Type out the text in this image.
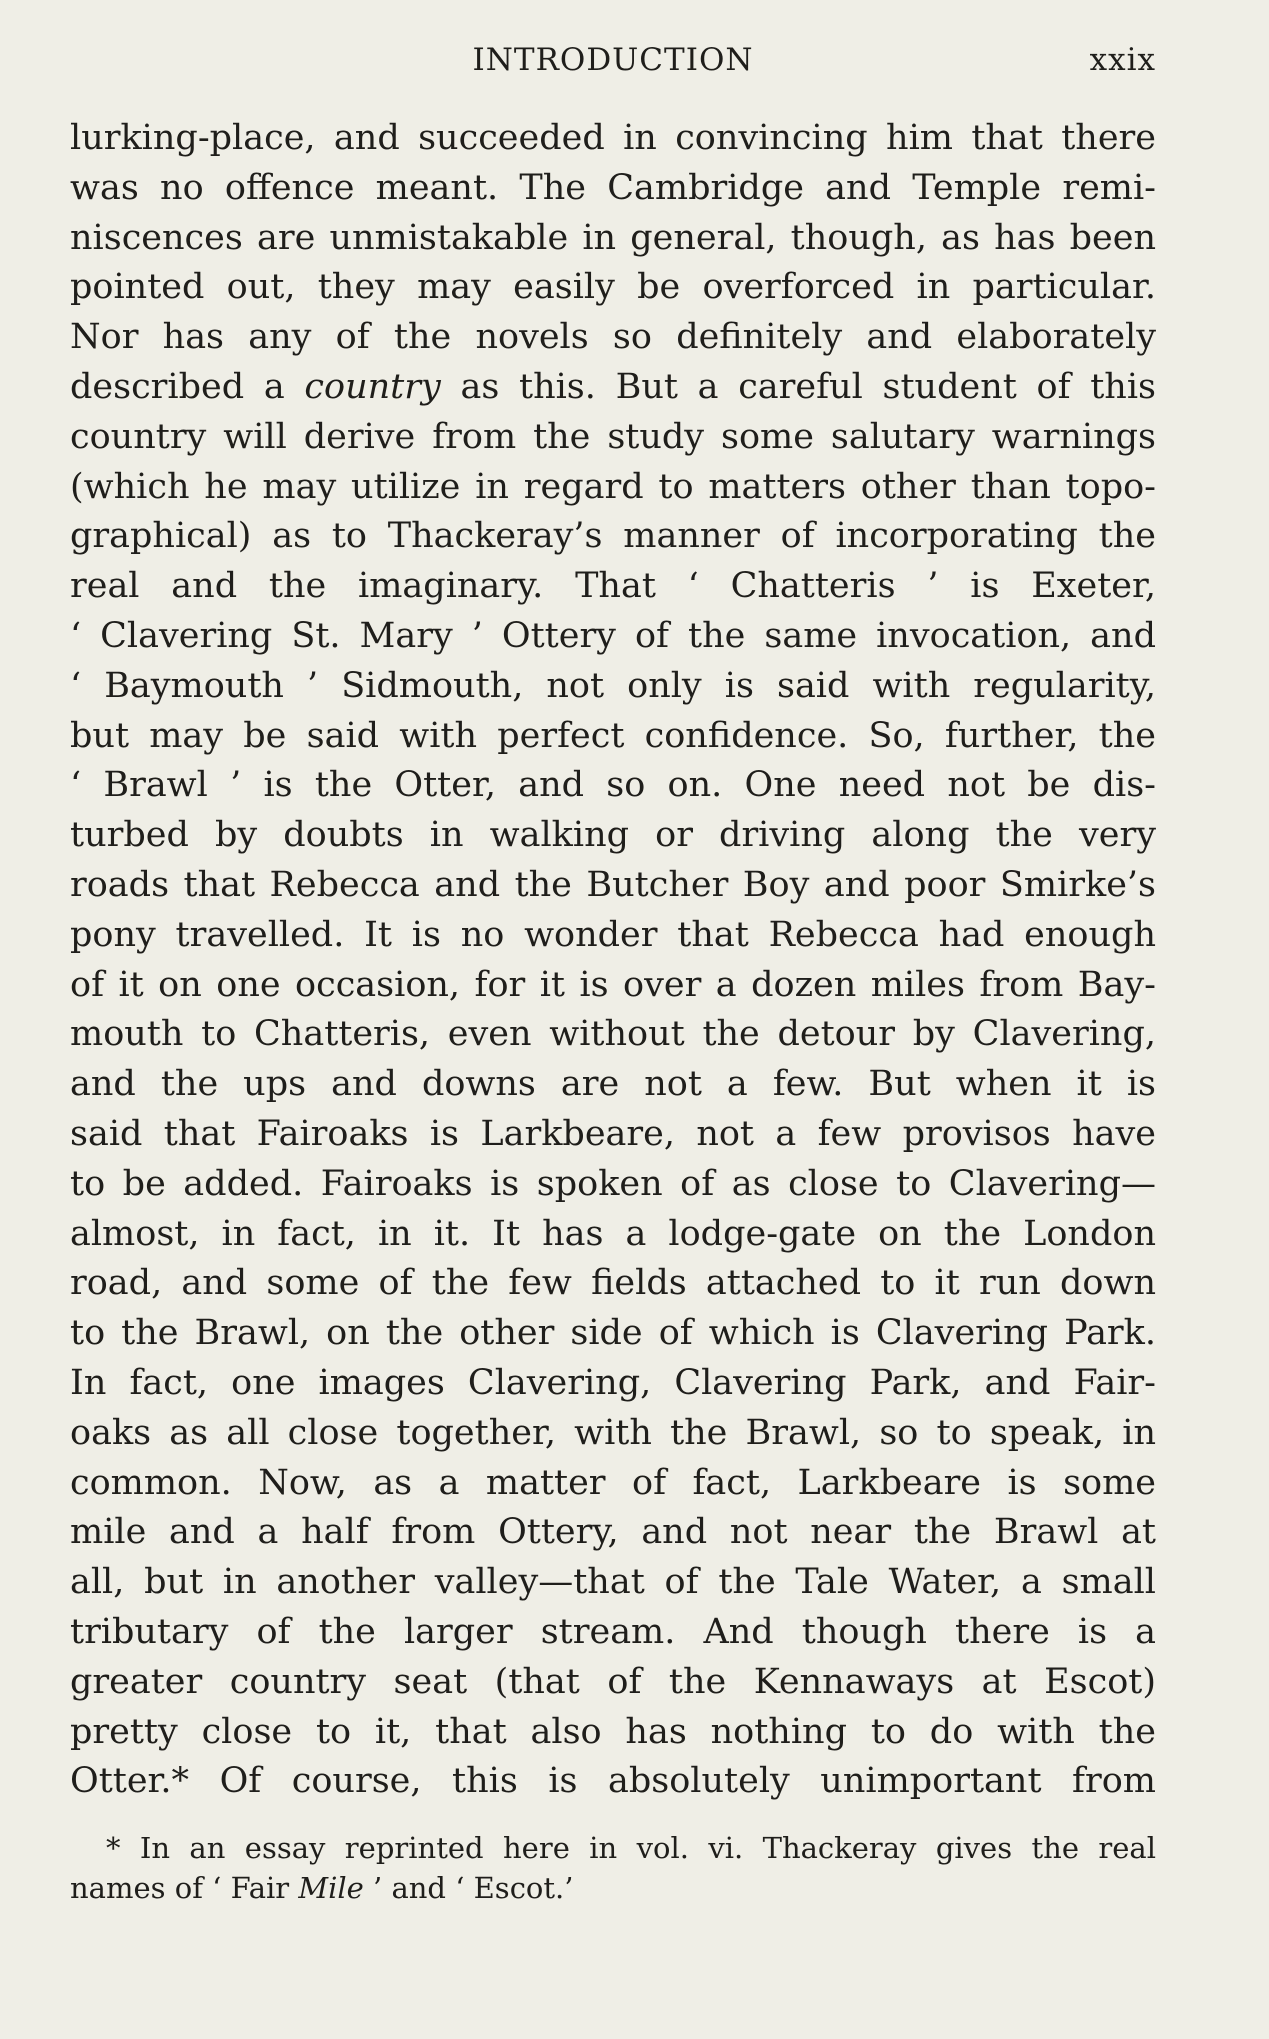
INTRODUCTION	xxix
lurking-place, and succeeded in convincing him that there
was no offence meant. The Cambridge and Temple remi-
niscences are unmistakable in general, though, as has been
pointed out, they may easily be overforced in particular.
Nor has any of the novels so definitely and elaborately
described a country as this. But a careful student of this
country will derive from the study some salutary warnings
(which he may utilize in regard to matters other than topo-
graphical) as to Thackeray’s manner of incorporating the
real and the imaginary. That ‘ Chatteris ’ is Exeter,
‘ Clavering St. Mary ’ Ottery of the same invocation, and
‘ Baymouth ’ Sidmouth, not only is said with regularity,
but may be said with perfect confidence. So, further, the
‘ Brawl ’ is the Otter, and so on. One need not be dis-
turbed by doubts in walking or driving along the very
roads that Rebecca and the Butcher Boy and poor Smirke’s
pony travelled. It is no wonder that Rebecca had enough
of it on one occasion, for it is over a dozen miles from Bay-
mouth to Chatteris, even without the detour by Clavering,
and the ups and downs are not a few. But when it is
said that Fairoaks is Larkbeare, not a few provisos have
to be added. Fairoaks is spoken of as close to Clavering—
almost, in fact, in it. It has a lodge-gate on the London
road, and some of the few fields attached to it run down
to the Brawl, on the other side of which is Clavering Park.
In fact, one images Clavering, Clavering Park, and Fair-
oaks as all close together, with the Brawl, so to speak, in
common. Now, as a matter of fact, Larkbeare is some
mile and a half from Ottery, and not near the Brawl at
all, but in another valley—that of the Tale Water, a small
tributary of the larger stream. And though there is a
greater country seat (that of the Kennaways at Escot)
pretty close to it, that also has nothing to do with the
Otter.* Of course, this is absolutely unimportant from
* In an essay reprinted here in vol. vi. Thackeray gives the real
names of ‘ Fair Mile ’ and ‘ Escot.’
